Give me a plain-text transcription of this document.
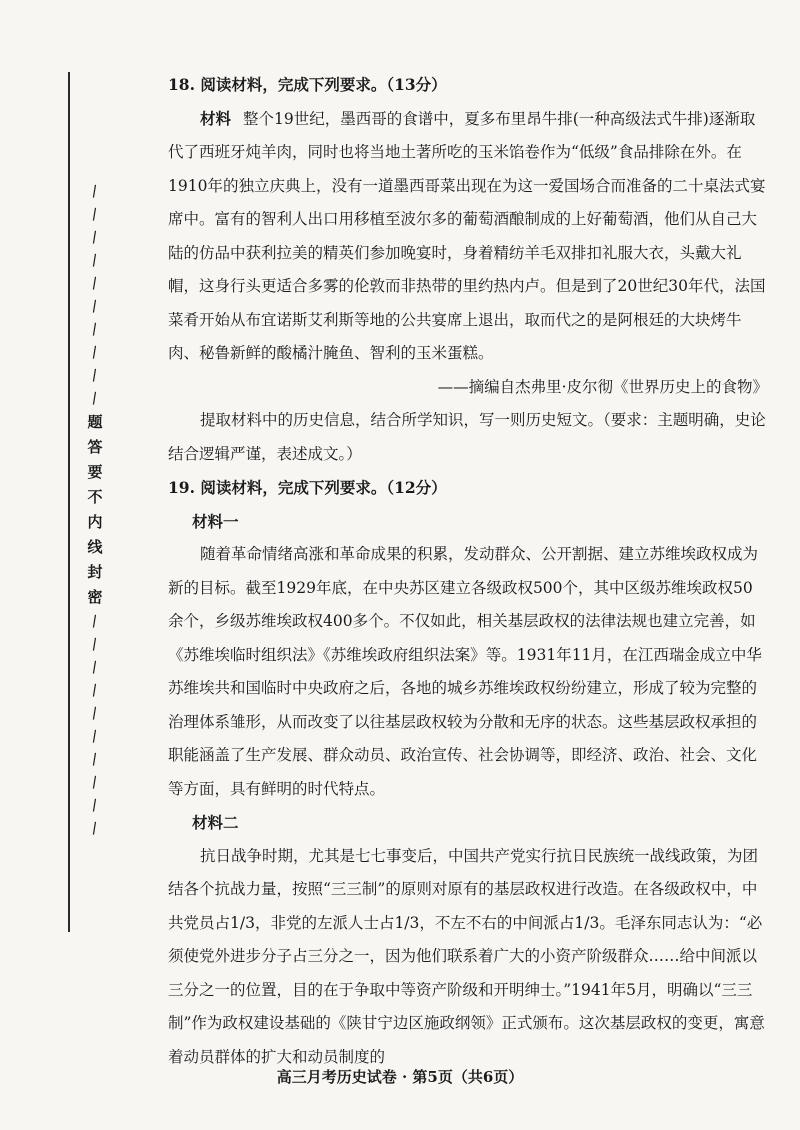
/
/
/
/
/
/
/
/
/
/
题
答
要
不
内
线
封
密
/
/
/
/
/
/
/
/
/
/

18. 阅读材料，完成下列要求。（13分）

材料 整个19世纪，墨西哥的食谱中，夏多布里昂牛排(一种高级法式牛排)逐渐取代了西班牙炖羊肉，同时也将当地土著所吃的玉米馅卷作为“低级”食品排除在外。在1910年的独立庆典上，没有一道墨西哥菜出现在为这一爱国场合而准备的二十桌法式宴席中。富有的智利人出口用移植至波尔多的葡萄酒酿制成的上好葡萄酒，他们从自己大陆的仿品中获利拉美的精英们参加晚宴时，身着精纺羊毛双排扣礼服大衣，头戴大礼帽，这身行头更适合多雾的伦敦而非热带的里约热内卢。但是到了20世纪30年代，法国菜肴开始从布宜诺斯艾利斯等地的公共宴席上退出，取而代之的是阿根廷的大块烤牛肉、秘鲁新鲜的酸橘汁腌鱼、智利的玉米蛋糕。

——摘编自杰弗里·皮尔彻《世界历史上的食物》

提取材料中的历史信息，结合所学知识，写一则历史短文。（要求：主题明确，史论结合逻辑严谨，表述成文。）

19. 阅读材料，完成下列要求。（12分）

材料一

随着革命情绪高涨和革命成果的积累，发动群众、公开割据、建立苏维埃政权成为新的目标。截至1929年底，在中央苏区建立各级政权500个，其中区级苏维埃政权50余个，乡级苏维埃政权400多个。不仅如此，相关基层政权的法律法规也建立完善，如《苏维埃临时组织法》《苏维埃政府组织法案》等。1931年11月，在江西瑞金成立中华苏维埃共和国临时中央政府之后，各地的城乡苏维埃政权纷纷建立，形成了较为完整的治理体系雏形，从而改变了以往基层政权较为分散和无序的状态。这些基层政权承担的职能涵盖了生产发展、群众动员、政治宣传、社会协调等，即经济、政治、社会、文化等方面，具有鲜明的时代特点。

材料二

抗日战争时期，尤其是七七事变后，中国共产党实行抗日民族统一战线政策，为团结各个抗战力量，按照“三三制”的原则对原有的基层政权进行改造。在各级政权中，中共党员占1/3，非党的左派人士占1/3，不左不右的中间派占1/3。毛泽东同志认为：“必须使党外进步分子占三分之一，因为他们联系着广大的小资产阶级群众……给中间派以三分之一的位置，目的在于争取中等资产阶级和开明绅士。”1941年5月，明确以“三三制”作为政权建设基础的《陕甘宁边区施政纲领》正式颁布。这次基层政权的变更，寓意着动员群体的扩大和动员制度的

高三月考历史试卷 · 第5页（共6页）
